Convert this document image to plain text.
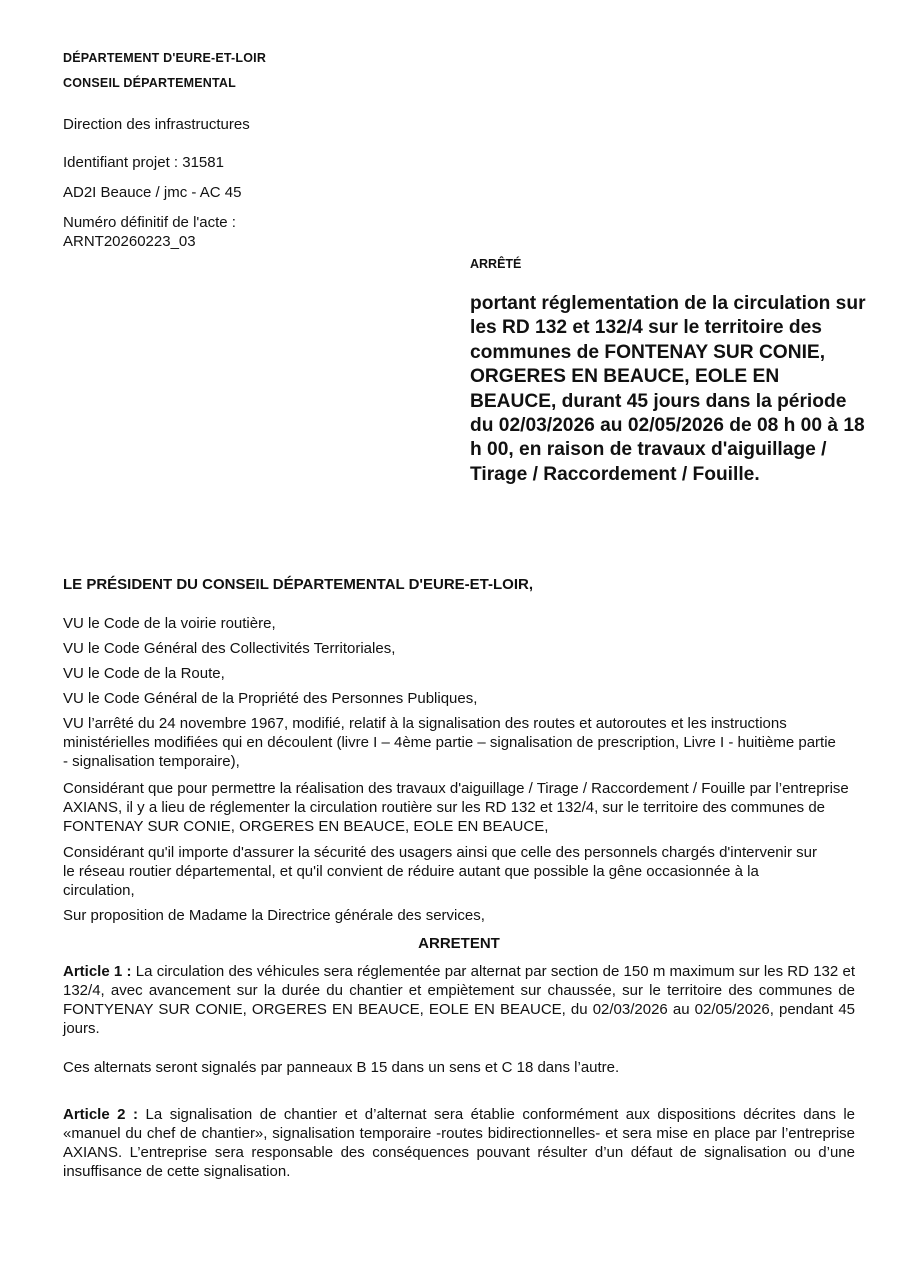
DÉPARTEMENT D'EURE-ET-LOIR
CONSEIL DÉPARTEMENTAL
Direction des infrastructures
Identifiant projet : 31581
AD2I Beauce / jmc - AC 45
Numéro définitif de l'acte :
ARNT20260223_03
ARRÊTÉ
portant réglementation de la circulation sur les RD 132 et 132/4 sur le territoire des communes de FONTENAY SUR CONIE, ORGERES EN BEAUCE, EOLE EN BEAUCE, durant 45 jours dans la période du 02/03/2026 au 02/05/2026 de 08 h 00 à 18 h 00, en raison de travaux d'aiguillage / Tirage / Raccordement / Fouille.
LE PRÉSIDENT DU CONSEIL DÉPARTEMENTAL D'EURE-ET-LOIR,
VU le Code de la voirie routière,
VU le Code Général des Collectivités Territoriales,
VU le Code de la Route,
VU le Code Général de la Propriété des Personnes Publiques,
VU l’arrêté du 24 novembre 1967, modifié, relatif à la signalisation des routes et autoroutes et les instructions ministérielles modifiées qui en découlent (livre I – 4ème partie – signalisation de prescription, Livre I - huitième partie - signalisation temporaire),
Considérant que pour permettre la réalisation des travaux d'aiguillage / Tirage / Raccordement / Fouille par l’entreprise AXIANS, il y a lieu de réglementer la circulation routière sur les RD 132 et 132/4, sur le territoire des communes de FONTENAY SUR CONIE, ORGERES EN BEAUCE, EOLE EN BEAUCE,
Considérant qu'il importe d'assurer la sécurité des usagers ainsi que celle des personnels chargés d'intervenir sur le réseau routier départemental, et qu'il convient de réduire autant que possible la gêne occasionnée à la circulation,
Sur proposition de Madame la Directrice générale des services,
ARRETENT
Article 1 : La circulation des véhicules sera réglementée par alternat par section de 150 m maximum sur les RD 132 et 132/4, avec avancement sur la durée du chantier et empiètement sur chaussée, sur le territoire des communes de FONTYENAY SUR CONIE, ORGERES EN BEAUCE, EOLE EN BEAUCE, du 02/03/2026 au 02/05/2026, pendant 45 jours.
Ces alternats seront signalés par panneaux B 15 dans un sens et C 18 dans l’autre.
Article 2 : La signalisation de chantier et d’alternat sera établie conformément aux dispositions décrites dans le «manuel du chef de chantier», signalisation temporaire -routes bidirectionnelles- et sera mise en place par l’entreprise AXIANS. L’entreprise sera responsable des conséquences pouvant résulter d’un défaut de signalisation ou d’une insuffisance de cette signalisation.
